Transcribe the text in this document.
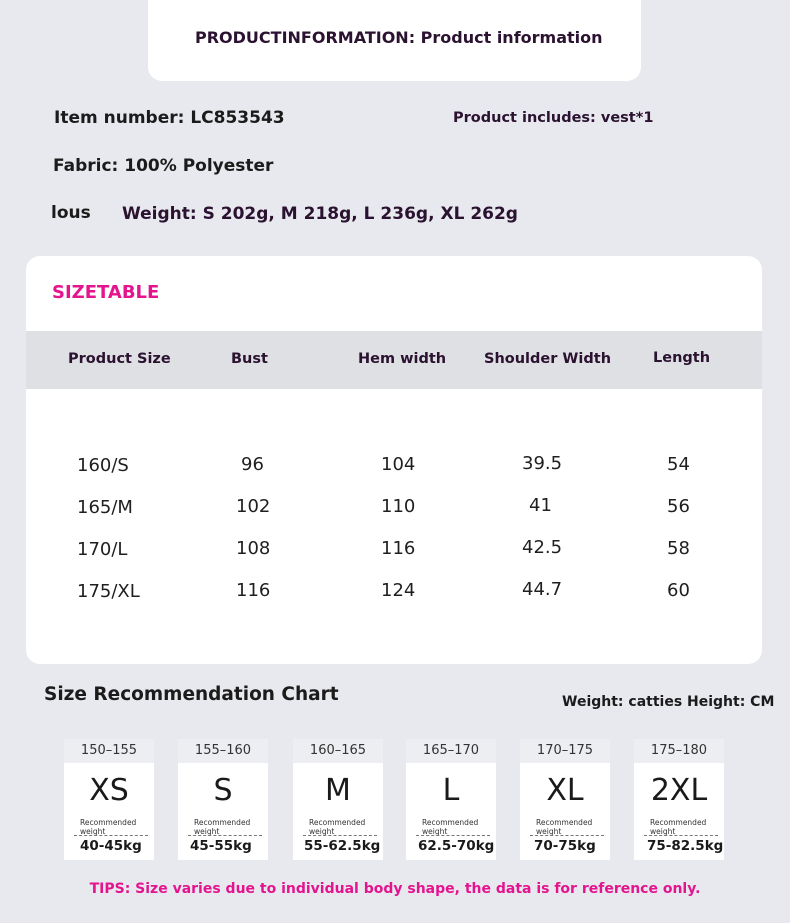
PRODUCTINFORMATION: Product information
Item number: LC853543	Product includes: vest*1
Fabric: 100% Polyester
lous Weight: S 202g, M 218g, L 236g, XL 262g
SIZETABLE
Product Size	Bust	Hem width	Shoulder Width	Length
160/S	96	104	39.5	54
165/M	102	110	41	56
170/L	108	116	42.5	58
175/XL	116	124	44.7	60
Size Recommendation Chart	Weight: catties Height: CM
150–155
XS
Recommended weight
40-45kg
155–160
S
Recommended weight
45-55kg
160–165
M
Recommended weight
55-62.5kg
165–170
L
Recommended weight
62.5-70kg
170–175
XL
Recommended weight
70-75kg
175–180
2XL
Recommended weight
75-82.5kg
TIPS: Size varies due to individual body shape, the data is for reference only.
